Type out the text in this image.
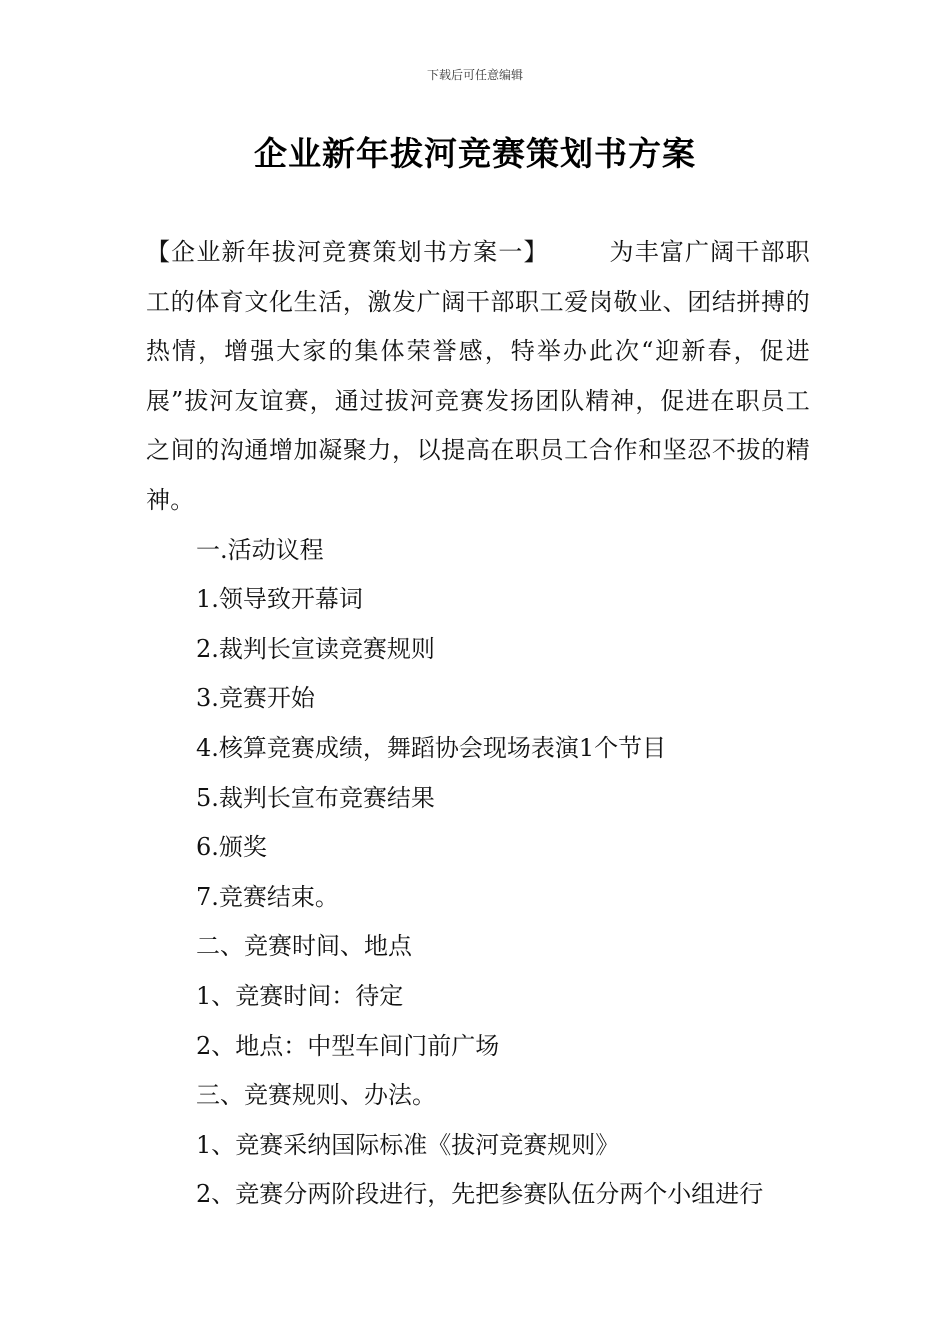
下载后可任意编辑
企业新年拔河竞赛策划书方案

【企业新年拔河竞赛策划书方案一】	为丰富广阔干部职工的体育文化生活，激发广阔干部职工爱岗敬业、团结拼搏的热情，增强大家的集体荣誉感，特举办此次“迎新春，促进展”拔河友谊赛，通过拔河竞赛发扬团队精神，促进在职员工之间的沟通增加凝聚力，以提高在职员工合作和坚忍不拔的精神。

一.活动议程

1.领导致开幕词

2.裁判长宣读竞赛规则

3.竞赛开始

4.核算竞赛成绩，舞蹈协会现场表演1个节目

5.裁判长宣布竞赛结果

6.颁奖

7.竞赛结束。

二、竞赛时间、地点

1、竞赛时间：待定

2、地点：中型车间门前广场

三、竞赛规则、办法。

1、竞赛采纳国际标准《拔河竞赛规则》

2、竞赛分两阶段进行，先把参赛队伍分两个小组进行
